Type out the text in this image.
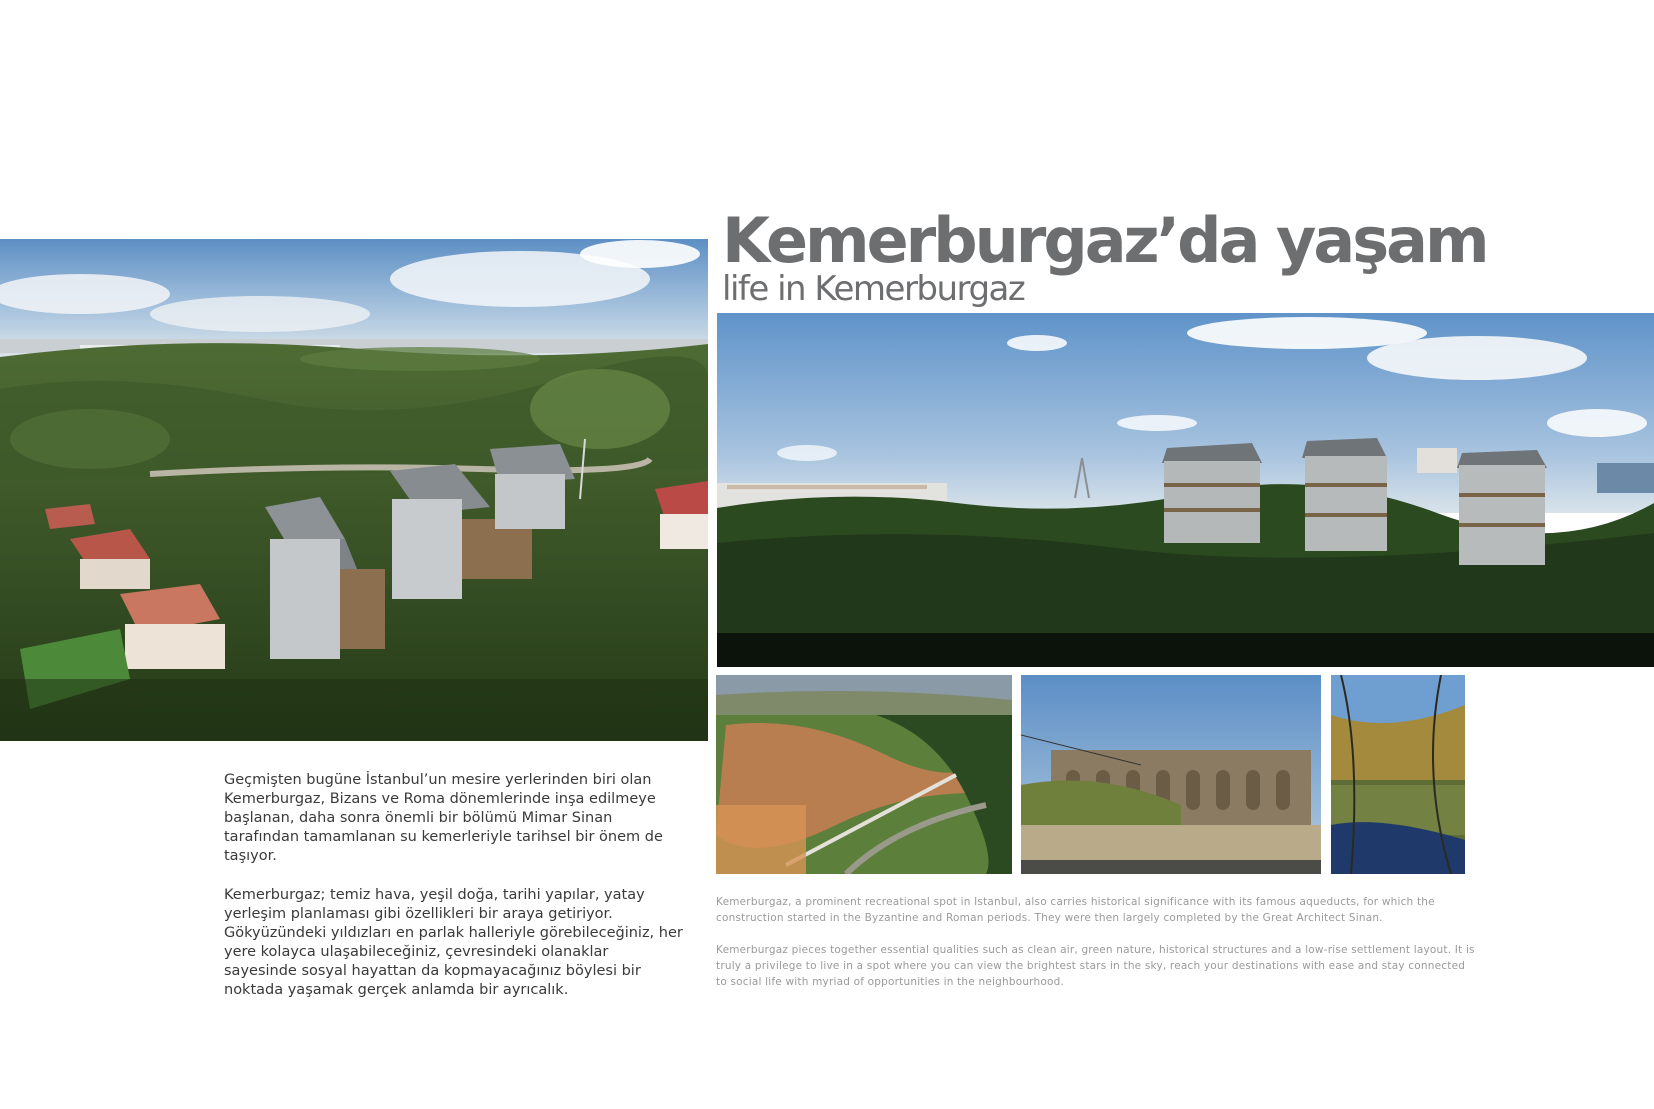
Kemerburgaz’da yaşam
life in Kemerburgaz

Geçmişten bugüne İstanbul’un mesire yerlerinden biri olan Kemerburgaz, Bizans ve Roma dönemlerinde inşa edilmeye başlanan, daha sonra önemli bir bölümü Mimar Sinan tarafından tamamlanan su kemerleriyle tarihsel bir önem de taşıyor.

Kemerburgaz; temiz hava, yeşil doğa, tarihi yapılar, yatay yerleşim planlaması gibi özellikleri bir araya getiriyor. Gökyüzündeki yıldızları en parlak halleriyle görebileceğiniz, her yere kolayca ulaşabileceğiniz, çevresindeki olanaklar sayesinde sosyal hayattan da kopmayacağınız böylesi bir noktada yaşamak gerçek anlamda bir ayrıcalık.

Kemerburgaz, a prominent recreational spot in Istanbul, also carries historical significance with its famous aqueducts, for which the construction started in the Byzantine and Roman periods. They were then largely completed by the Great Architect Sinan.

Kemerburgaz pieces together essential qualities such as clean air, green nature, historical structures and a low-rise settlement layout. It is truly a privilege to live in a spot where you can view the brightest stars in the sky, reach your destinations with ease and stay connected to social life with myriad of opportunities in the neighbourhood.
